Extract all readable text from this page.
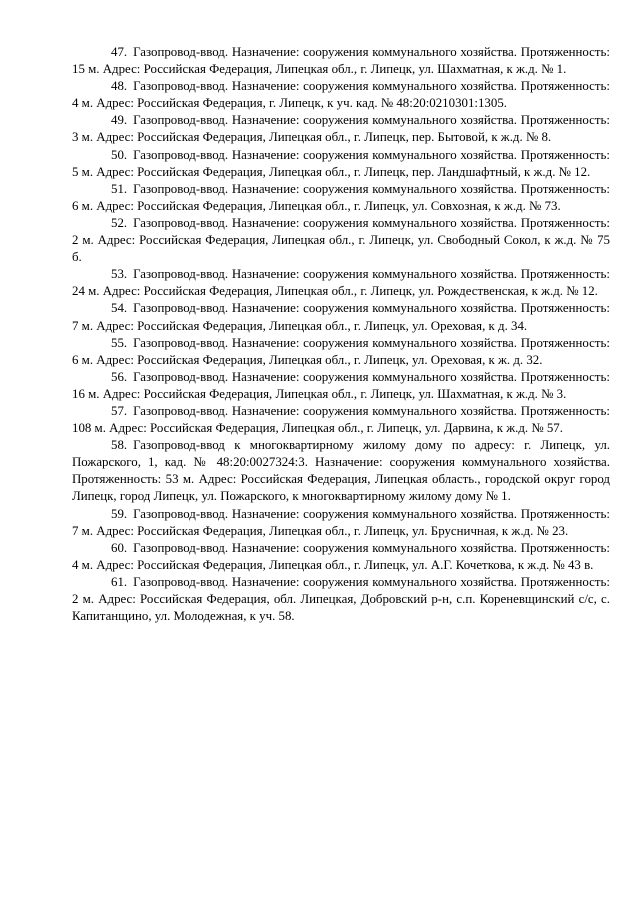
47. Газопровод-ввод. Назначение: сооружения коммунального хозяйства. Протяженность: 15 м. Адрес: Российская Федерация, Липецкая обл., г. Липецк, ул. Шахматная, к ж.д. № 1.

48. Газопровод-ввод. Назначение: сооружения коммунального хозяйства. Протяженность: 4 м. Адрес: Российская Федерация, г. Липецк, к уч. кад. № 48:20:0210301:1305.

49. Газопровод-ввод. Назначение: сооружения коммунального хозяйства. Протяженность: 3 м. Адрес: Российская Федерация, Липецкая обл., г. Липецк, пер. Бытовой, к ж.д. № 8.

50. Газопровод-ввод. Назначение: сооружения коммунального хозяйства. Протяженность: 5 м. Адрес: Российская Федерация, Липецкая обл., г. Липецк, пер. Ландшафтный, к ж.д. № 12.

51. Газопровод-ввод. Назначение: сооружения коммунального хозяйства. Протяженность: 6 м. Адрес: Российская Федерация, Липецкая обл., г. Липецк, ул. Совхозная, к ж.д. № 73.

52. Газопровод-ввод. Назначение: сооружения коммунального хозяйства. Протяженность: 2 м. Адрес: Российская Федерация, Липецкая обл., г. Липецк, ул. Свободный Сокол, к ж.д. № 75 б.

53. Газопровод-ввод. Назначение: сооружения коммунального хозяйства. Протяженность: 24 м. Адрес: Российская Федерация, Липецкая обл., г. Липецк, ул. Рождественская, к ж.д. № 12.

54. Газопровод-ввод. Назначение: сооружения коммунального хозяйства. Протяженность: 7 м. Адрес: Российская Федерация, Липецкая обл., г. Липецк, ул. Ореховая, к д. 34.

55. Газопровод-ввод. Назначение: сооружения коммунального хозяйства. Протяженность: 6 м. Адрес: Российская Федерация, Липецкая обл., г. Липецк, ул. Ореховая, к ж. д. 32.

56. Газопровод-ввод. Назначение: сооружения коммунального хозяйства. Протяженность: 16 м. Адрес: Российская Федерация, Липецкая обл., г. Липецк, ул. Шахматная, к ж.д. № 3.

57. Газопровод-ввод. Назначение: сооружения коммунального хозяйства. Протяженность: 108 м. Адрес: Российская Федерация, Липецкая обл., г. Липецк, ул. Дарвина, к ж.д. № 57.

58. Газопровод-ввод к многоквартирному жилому дому по адресу: г. Липецк, ул. Пожарского, 1, кад. № 48:20:0027324:3. Назначение: сооружения коммунального хозяйства. Протяженность: 53 м. Адрес: Российская Федерация, Липецкая область., городской округ город Липецк, город Липецк, ул. Пожарского, к многоквартирному жилому дому № 1.

59. Газопровод-ввод. Назначение: сооружения коммунального хозяйства. Протяженность: 7 м. Адрес: Российская Федерация, Липецкая обл., г. Липецк, ул. Брусничная, к ж.д. № 23.

60. Газопровод-ввод. Назначение: сооружения коммунального хозяйства. Протяженность: 4 м. Адрес: Российская Федерация, Липецкая обл., г. Липецк, ул. А.Г. Кочеткова, к ж.д. № 43 в.

61. Газопровод-ввод. Назначение: сооружения коммунального хозяйства. Протяженность: 2 м. Адрес: Российская Федерация, обл. Липецкая, Добровский р-н, с.п. Кореневщинский с/с, с. Капитанщино, ул. Молодежная, к уч. 58.
